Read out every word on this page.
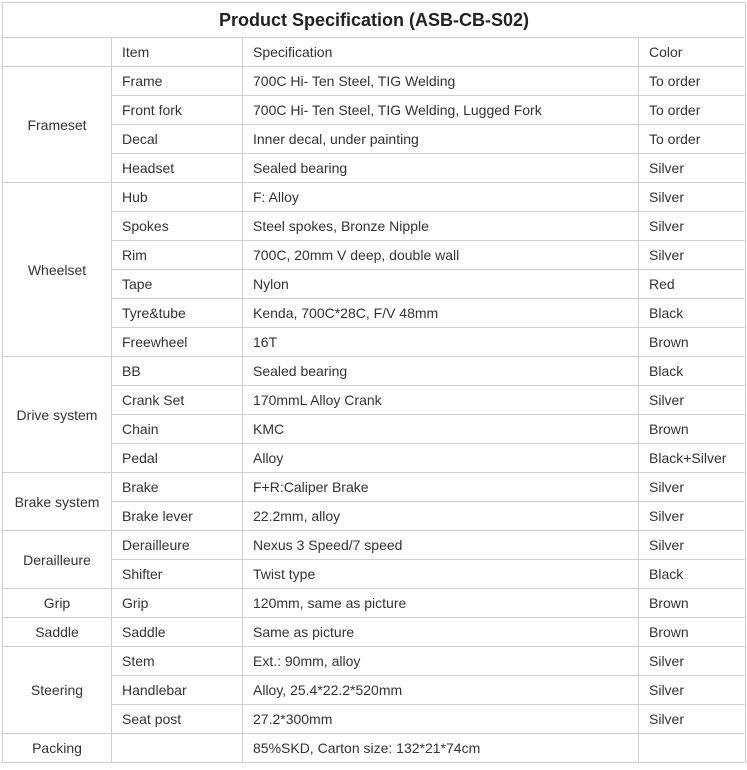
Product Specification (ASB-CB-S02)			
	Item	Specification	Color
Frameset	Frame	700C Hi- Ten Steel, TIG Welding	To order
	Front fork	700C Hi- Ten Steel, TIG Welding, Lugged Fork	To order
	Decal	Inner decal, under painting	To order
	Headset	Sealed bearing	Silver
Wheelset	Hub	F: Alloy	Silver
	Spokes	Steel spokes, Bronze Nipple	Silver
	Rim	700C, 20mm V deep, double wall	Silver
	Tape	Nylon	Red
	Tyre&tube	Kenda, 700C*28C, F/V 48mm	Black
	Freewheel	16T	Brown
Drive system	BB	Sealed bearing	Black
	Crank Set	170mmL Alloy Crank	Silver
	Chain	KMC	Brown
	Pedal	Alloy	Black+Silver
Brake system	Brake	F+R:Caliper Brake	Silver
	Brake lever	22.2mm, alloy	Silver
Derailleure	Derailleure	Nexus 3 Speed/7 speed	Silver
	Shifter	Twist type	Black
Grip	Grip	120mm, same as picture	Brown
Saddle	Saddle	Same as picture	Brown
Steering	Stem	Ext.: 90mm, alloy	Silver
	Handlebar	Alloy, 25.4*22.2*520mm	Silver
	Seat post	27.2*300mm	Silver
Packing		85%SKD, Carton size: 132*21*74cm	
